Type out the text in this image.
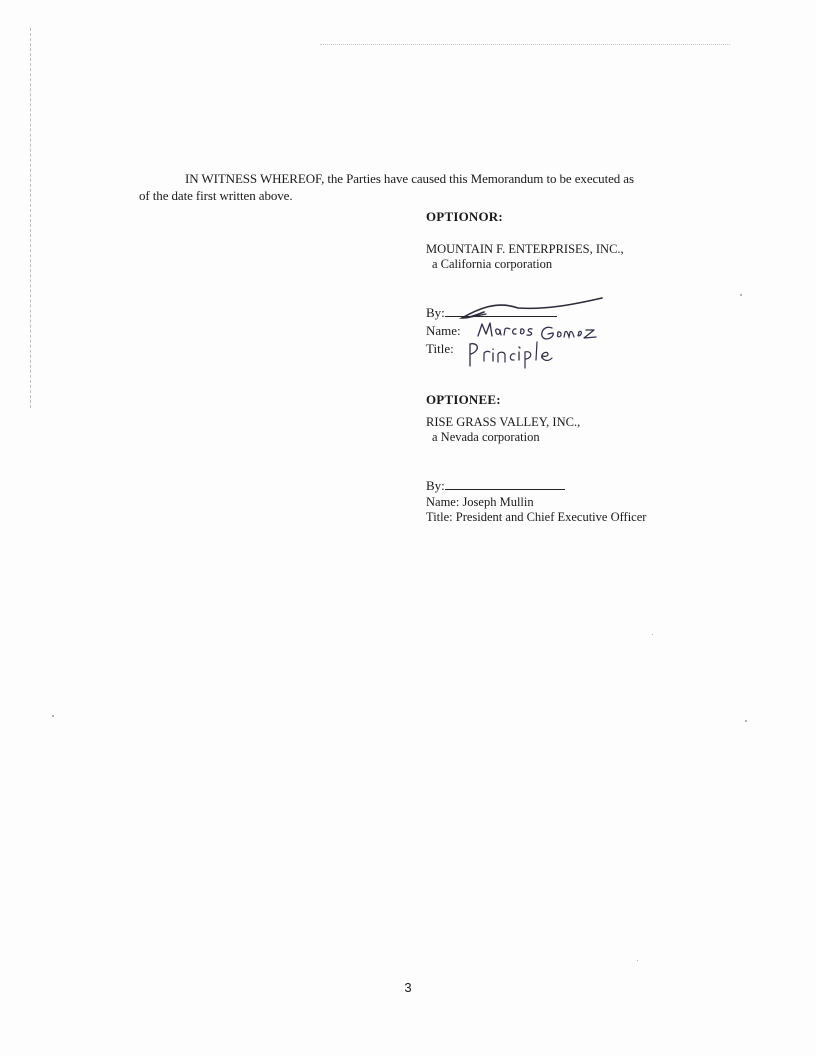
IN WITNESS WHEREOF, the Parties have caused this Memorandum to be executed as
of the date first written above.
OPTIONOR:
MOUNTAIN F. ENTERPRISES, INC.,
a California corporation
By:
Name:
Title:
OPTIONEE:
RISE GRASS VALLEY, INC.,
a Nevada corporation
By:
Name: Joseph Mullin
Title: President and Chief Executive Officer
3
